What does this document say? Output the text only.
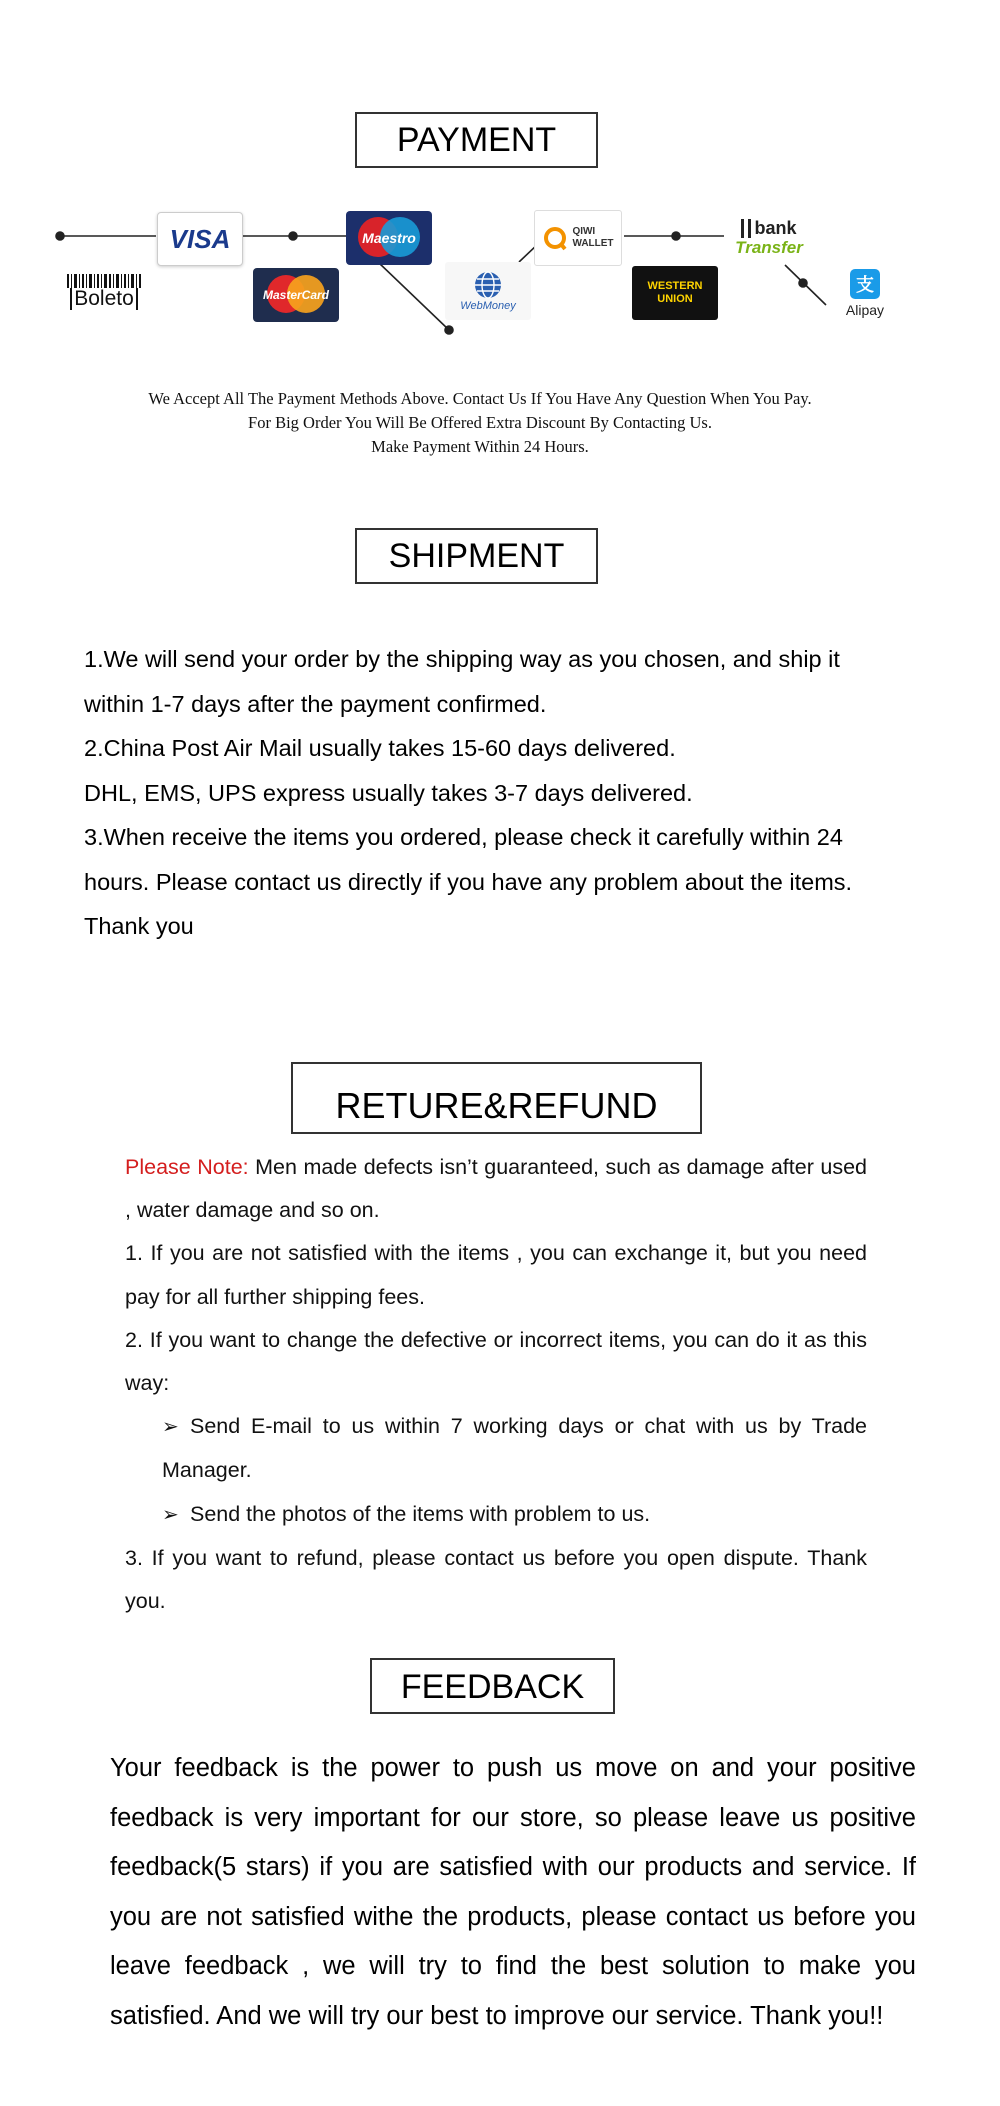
PAYMENT
Boleto
VISA
MasterCard
Maestro
WebMoney
QIWI
WALLET
WESTERN
UNION
bank
Transfer
支
Alipay
We Accept All The Payment Methods Above. Contact Us If You Have Any Question When You Pay.
For Big Order You Will Be Offered Extra Discount By Contacting Us.
Make Payment Within 24 Hours.
SHIPMENT

1.We will send your order by the shipping way as you chosen, and ship it

within 1-7 days after the payment confirmed.

2.China Post Air Mail usually takes 15-60 days delivered.

DHL, EMS, UPS express usually takes 3-7 days delivered.

3.When receive the items you ordered, please check it carefully within 24

hours. Please contact us directly if you have any problem about the items.

Thank you

RETURE&REFUND

Please Note: Men made defects isn’t guaranteed, such as damage after used , water damage and so on.

1. If you are not satisfied with the items , you can exchange it, but you need pay for all further shipping fees.

2. If you want to change the defective or incorrect items, you can do it as this way:

➢ Send E-mail to us within 7 working days or chat with us by Trade Manager.

➢ Send the photos of the items with problem to us.

3. If you want to refund, please contact us before you open dispute. Thank you.

FEEDBACK
Your feedback is the power to push us move on and your positive feedback is very important for our store, so please leave us positive feedback(5 stars) if you are satisfied with our products and service. If you are not satisfied withe the products, please contact us before you leave feedback , we will try to find the best solution to make you satisfied. And we will try our best to improve our service. Thank you!!
